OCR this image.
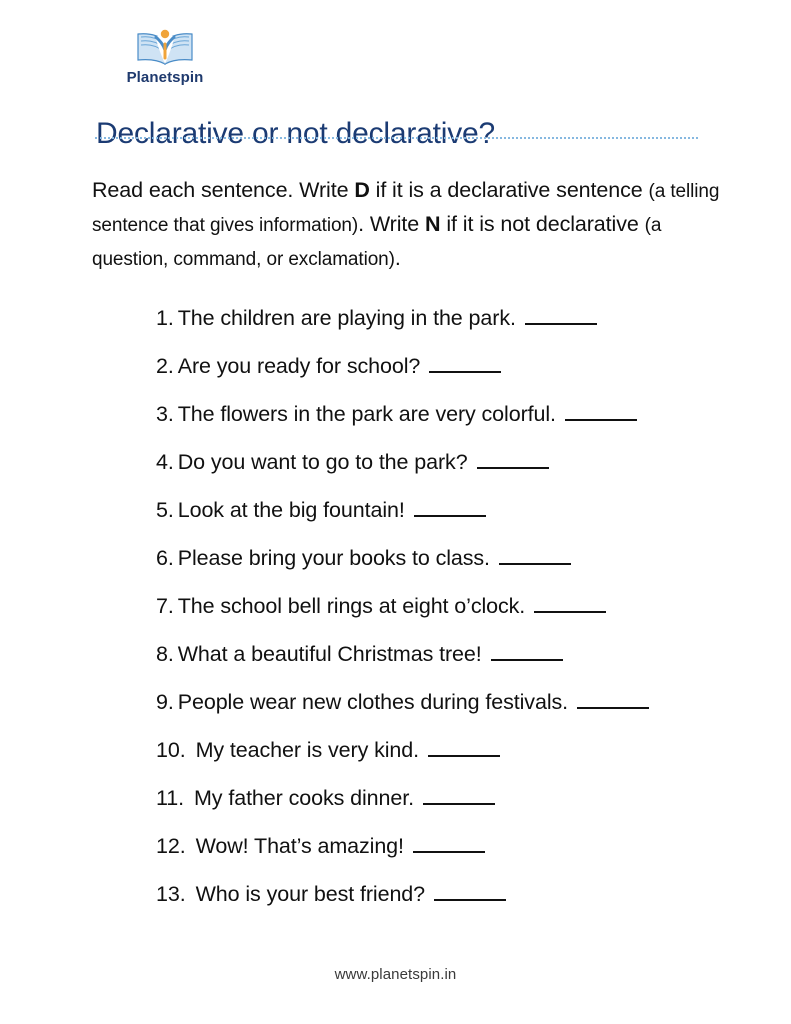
Planetspin
Declarative or not declarative?

Read each sentence. Write D if it is a declarative sentence (a telling sentence that gives information). Write N if it is not declarative (a question, command, or exclamation).

1. The children are playing in the park.
2. Are you ready for school?
3. The flowers in the park are very colorful.
4. Do you want to go to the park?
5. Look at the big fountain!
6. Please bring your books to class.
7. The school bell rings at eight o’clock.
8. What a beautiful Christmas tree!
9. People wear new clothes during festivals.
10. My teacher is very kind.
11. My father cooks dinner.
12. Wow! That’s amazing!
13. Who is your best friend?
www.planetspin.in
